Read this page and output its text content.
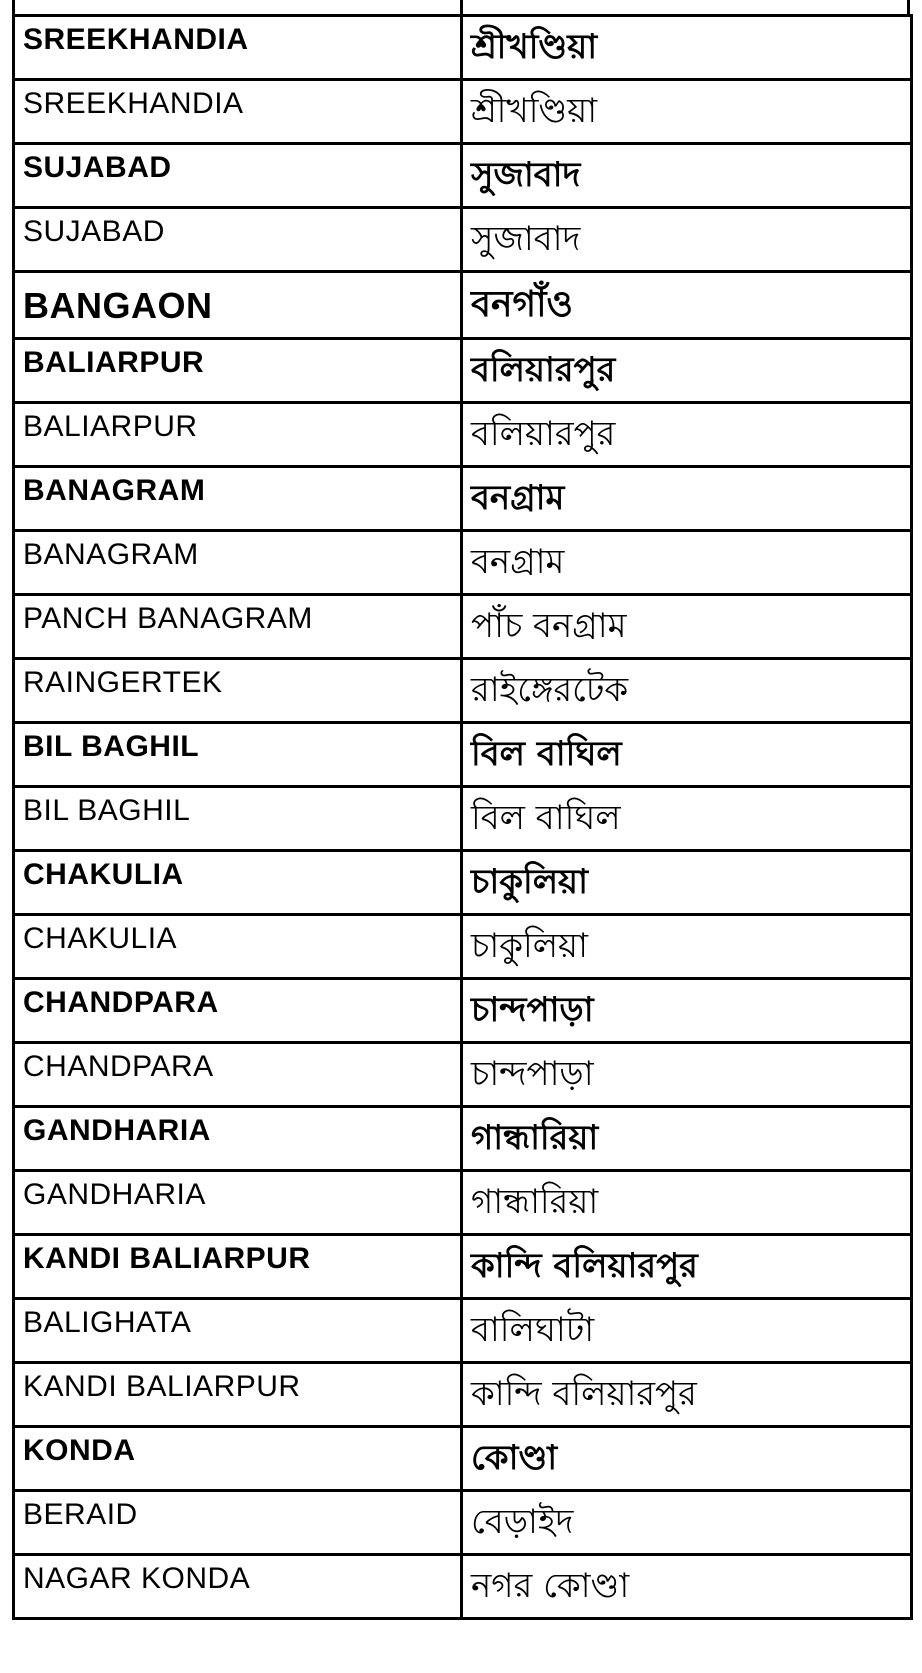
SREEKHANDIA	শ্রীখণ্ডিয়া

SREEKHANDIA	শ্রীখণ্ডিয়া

SUJABAD	সুজাবাদ

SUJABAD	সুজাবাদ

BANGAON	বনগাঁও

BALIARPUR	বলিয়ারপুর

BALIARPUR	বলিয়ারপুর

BANAGRAM	বনগ্রাম

BANAGRAM	বনগ্রাম

PANCH BANAGRAM	পাঁচ বনগ্রাম

RAINGERTEK	রাইঙ্গেরটেক

BIL BAGHIL	বিল বাঘিল

BIL BAGHIL	বিল বাঘিল

CHAKULIA	চাকুলিয়া

CHAKULIA	চাকুলিয়া

CHANDPARA	চান্দপাড়া

CHANDPARA	চান্দপাড়া

GANDHARIA	গান্ধারিয়া

GANDHARIA	গান্ধারিয়া

KANDI BALIARPUR	কান্দি বলিয়ারপুর

BALIGHATA	বালিঘাটা

KANDI BALIARPUR	কান্দি বলিয়ারপুর

KONDA	কোণ্ডা

BERAID	বেড়াইদ

NAGAR KONDA	নগর কোণ্ডা
